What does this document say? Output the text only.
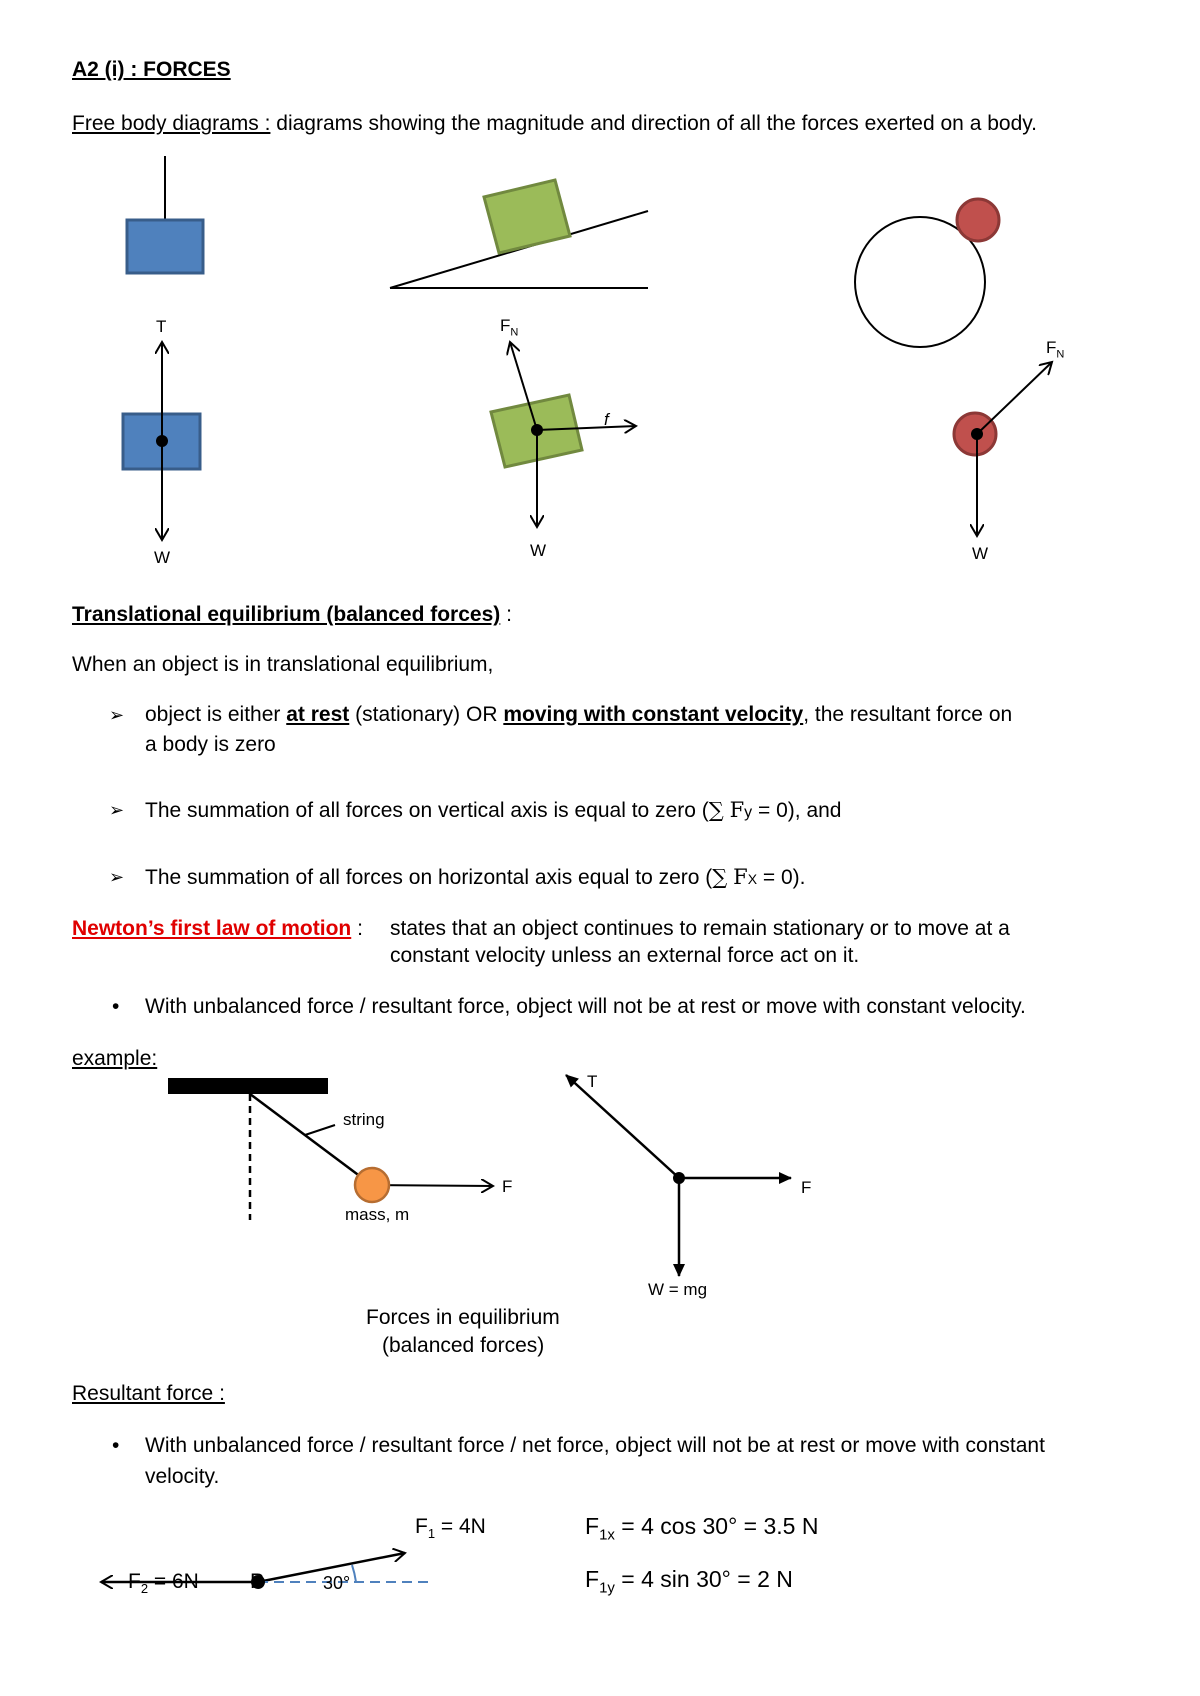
A2 (i) : FORCES
Free body diagrams : diagrams showing the magnitude and direction of all the forces exerted on a body.
T
W
$F_N$
f
W
$F_N$
W
Translational equilibrium (balanced forces) :
When an object is in translational equilibrium,
➢ object is either at rest (stationary) OR moving with constant velocity, the resultant force on
a body is zero
➢ The summation of all forces on vertical axis is equal to zero (∑ Fy = 0), and
➢ The summation of all forces on horizontal axis equal to zero (∑ FX = 0).
Newton’s first law of motion : states that an object continues to remain stationary or to move at a
constant velocity unless an external force act on it.
• With unbalanced force / resultant force, object will not be at rest or move with constant velocity.
example:
string
mass, m
F
T
F
W = mg
Forces in equilibrium
(balanced forces)
Resultant force :
• With unbalanced force / resultant force / net force, object will not be at rest or move with constant
velocity.
$F_1 = 4N$
$F_2 = 6N$ P	30°
$F_{1x} = 4$ cos 30° = 3.5 N
$F_{1y} = 4$ sin 30° = 2 N
